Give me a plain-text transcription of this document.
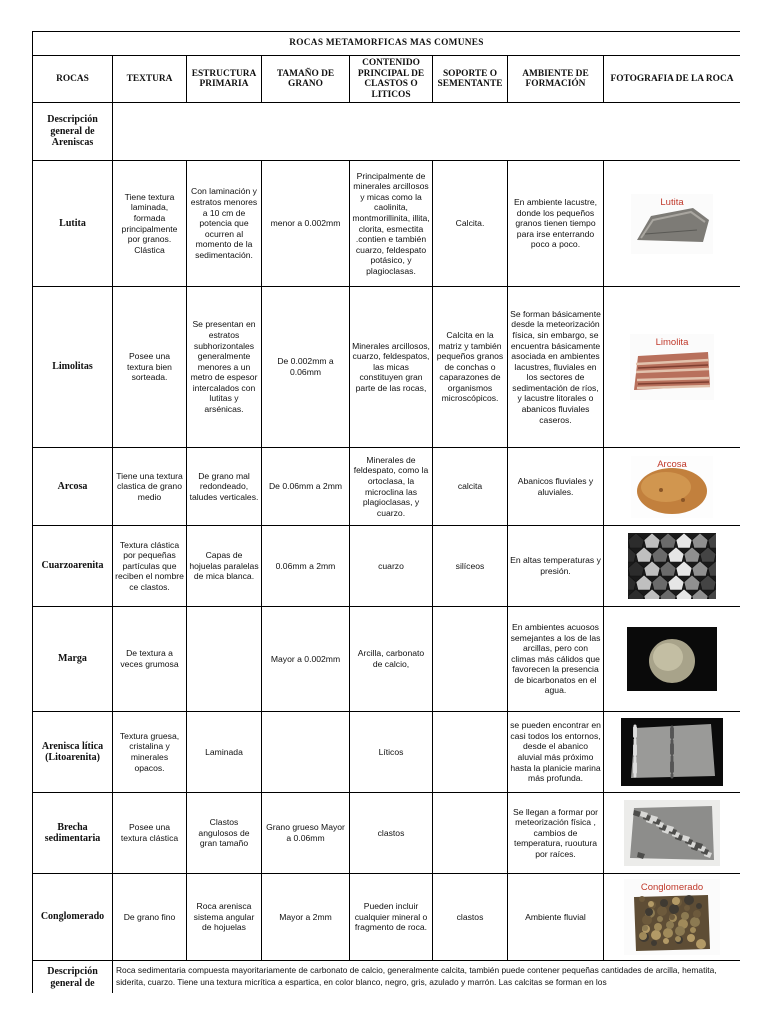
ROCAS METAMORFICAS MAS COMUNES							
ROCAS	TEXTURA	ESTRUCTURA PRIMARIA	TAMAÑO DE GRANO	CONTENIDO PRINCIPAL DE CLASTOS O LITICOS	SOPORTE O SEMENTANTE	AMBIENTE DE FORMACIÓN	FOTOGRAFIA DE LA ROCA
Descripción general de Areniscas							
Lutita	Tiene textura laminada, formada principalmente por granos. Clástica	Con laminación y estratos menores a 10 cm de potencia que ocurren al momento de la sedimentación.	menor a 0.002mm	Principalmente de minerales arcillosos y micas como la caolinita, montmorillinita, illita, clorita, esmectita .contien e también cuarzo, feldespato potásico, y plagioclasas.	Calcita.	En ambiente lacustre, donde los pequeños granos tienen tiempo para irse enterrando poco a poco.	Lutita

Limolitas	Posee una textura bien sorteada.	Se presentan en estratos subhorizontales generalmente menores a un metro de espesor intercalados con lutitas y arsénicas.	De 0.002mm a 0.06mm	Minerales arcillosos, cuarzo, feldespatos, las micas constituyen gran parte de las rocas,	Calcita en la matriz y también pequeños granos de conchas o caparazones de organismos microscópicos.	Se forman básicamente desde la meteorización física, sin embargo, se encuentra básicamente asociada en ambientes lacustres, fluviales en los sectores de sedimentación de ríos, y lacustre litorales o abanicos fluviales caseros.	Limolita

Arcosa	Tiene una textura clastica de grano medio	De grano mal redondeado, taludes verticales.	De 0.06mm a 2mm	Minerales de feldespato, como la ortoclasa, la microclina las plagioclasas, y cuarzo.	calcita	Abanicos fluviales y aluviales.	Arcosa

Cuarzoarenita	Textura clástica por pequeñas partículas que reciben el nombre ce clastos.	Capas de hojuelas paralelas de mica blanca.	0.06mm a 2mm	cuarzo	silíceos	En altas temperaturas y presión.	

Marga	De textura a veces grumosa		Mayor a 0.002mm	Arcilla, carbonato de calcio,		En ambientes acuosos semejantes a los de las arcillas, pero con climas más cálidos que favorecen la presencia de bicarbonatos en el agua.	

Arenisca lítica (Litoarenita)	Textura gruesa, cristalina y minerales opacos.	Laminada		Líticos		se pueden encontrar en casi todos los entornos, desde el abanico aluvial más próximo hasta la planicie marina más profunda.	

Brecha sedimentaria	Posee una textura clástica	Clastos angulosos de gran tamaño	Grano grueso Mayor a 0.06mm	clastos		Se llegan a formar por meteorización física , cambios de temperatura, ruoutura por raíces.	

Conglomerado	De grano fino	Roca arenisca sistema angular de hojuelas	Mayor a 2mm	Pueden incluir cualquier mineral o fragmento de roca.	clastos	Ambiente fluvial	Conglomerado

Descripción general de	Roca sedimentaria compuesta mayoritariamente de carbonato de calcio, generalmente calcita, también puede contener pequeñas cantidades de arcilla, hematita, siderita, cuarzo. Tiene una textura micrítica a espartica, en color blanco, negro, gris, azulado y marrón. Las calcitas se forman en los						
